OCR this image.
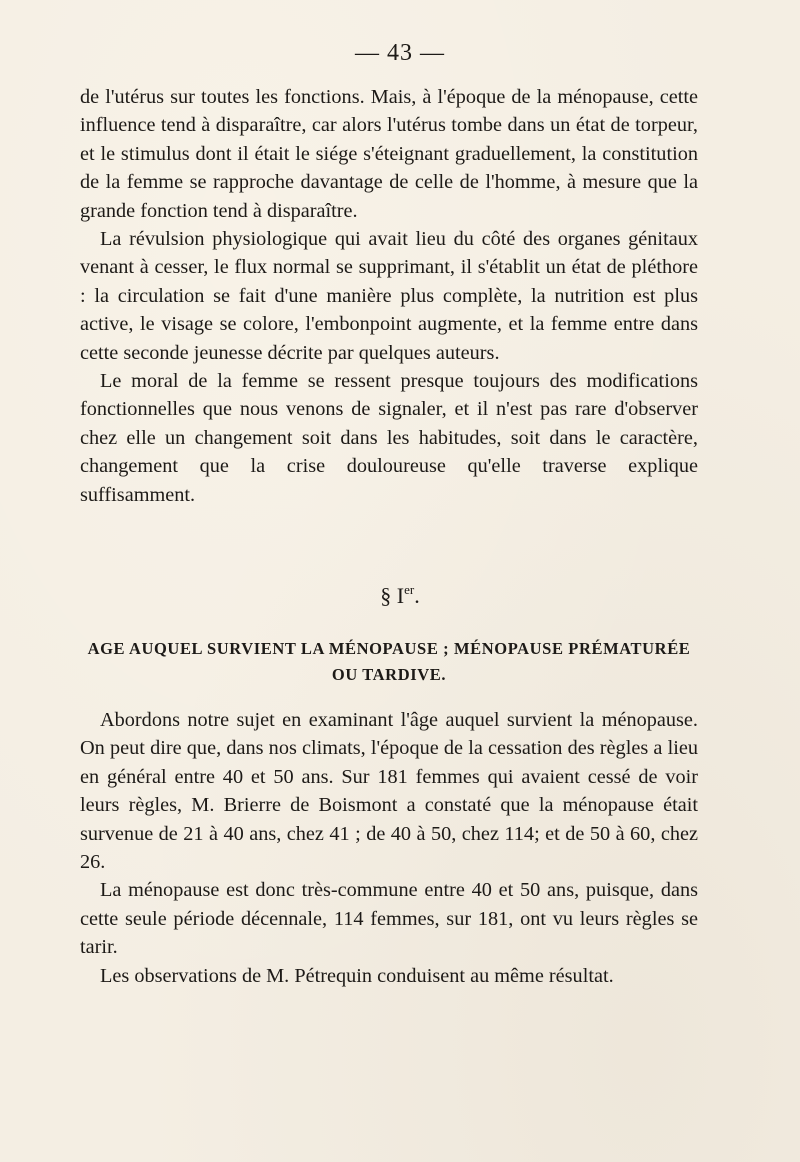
— 43 —

de l'utérus sur toutes les fonctions. Mais, à l'époque de la ménopause, cette influence tend à disparaître, car alors l'utérus tombe dans un état de torpeur, et le stimulus dont il était le siége s'éteignant graduellement, la constitution de la femme se rapproche davantage de celle de l'homme, à mesure que la grande fonction tend à disparaître.

La révulsion physiologique qui avait lieu du côté des organes génitaux venant à cesser, le flux normal se supprimant, il s'établit un état de pléthore : la circulation se fait d'une manière plus complète, la nutrition est plus active, le visage se colore, l'embonpoint augmente, et la femme entre dans cette seconde jeunesse décrite par quelques auteurs.

Le moral de la femme se ressent presque toujours des modifications fonctionnelles que nous venons de signaler, et il n'est pas rare d'observer chez elle un changement soit dans les habitudes, soit dans le caractère, changement que la crise douloureuse qu'elle traverse explique suffisamment.

§ Ier.
AGE AUQUEL SURVIENT LA MÉNOPAUSE ; MÉNOPAUSE PRÉMATURÉE
OU TARDIVE.

Abordons notre sujet en examinant l'âge auquel survient la ménopause. On peut dire que, dans nos climats, l'époque de la cessation des règles a lieu en général entre 40 et 50 ans. Sur 181 femmes qui avaient cessé de voir leurs règles, M. Brierre de Boismont a constaté que la ménopause était survenue de 21 à 40 ans, chez 41 ; de 40 à 50, chez 114; et de 50 à 60, chez 26.

La ménopause est donc très-commune entre 40 et 50 ans, puisque, dans cette seule période décennale, 114 femmes, sur 181, ont vu leurs règles se tarir.

Les observations de M. Pétrequin conduisent au même résultat.
